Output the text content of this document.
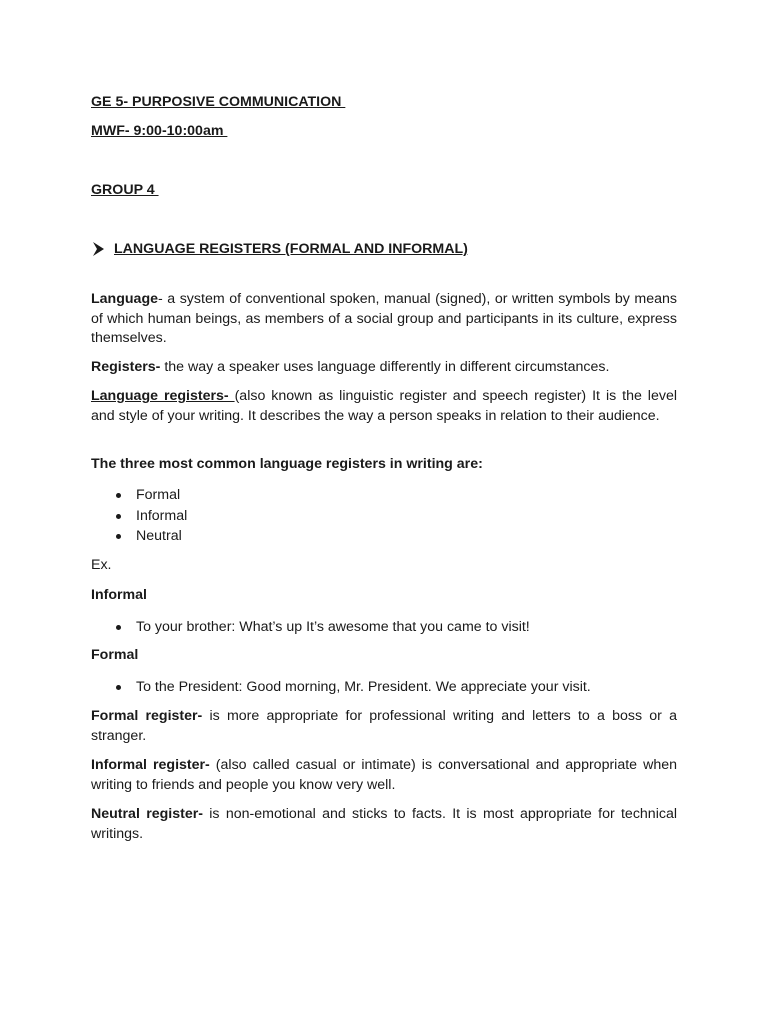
GE 5- PURPOSIVE COMMUNICATION
MWF- 9:00-10:00am
GROUP 4
LANGUAGE REGISTERS (FORMAL AND INFORMAL)
Language- a system of conventional spoken, manual (signed), or written symbols by means of which human beings, as members of a social group and participants in its culture, express themselves.
Registers- the way a speaker uses language differently in different circumstances.
Language registers- (also known as linguistic register and speech register) It is the level and style of your writing. It describes the way a person speaks in relation to their audience.
The three most common language registers in writing are:
Formal
Informal
Neutral
Ex.
Informal
To your brother: What’s up It’s awesome that you came to visit!
Formal
To the President: Good morning, Mr. President. We appreciate your visit.
Formal register- is more appropriate for professional writing and letters to a boss or a stranger.
Informal register- (also called casual or intimate) is conversational and appropriate when writing to friends and people you know very well.
Neutral register- is non-emotional and sticks to facts. It is most appropriate for technical writings.
